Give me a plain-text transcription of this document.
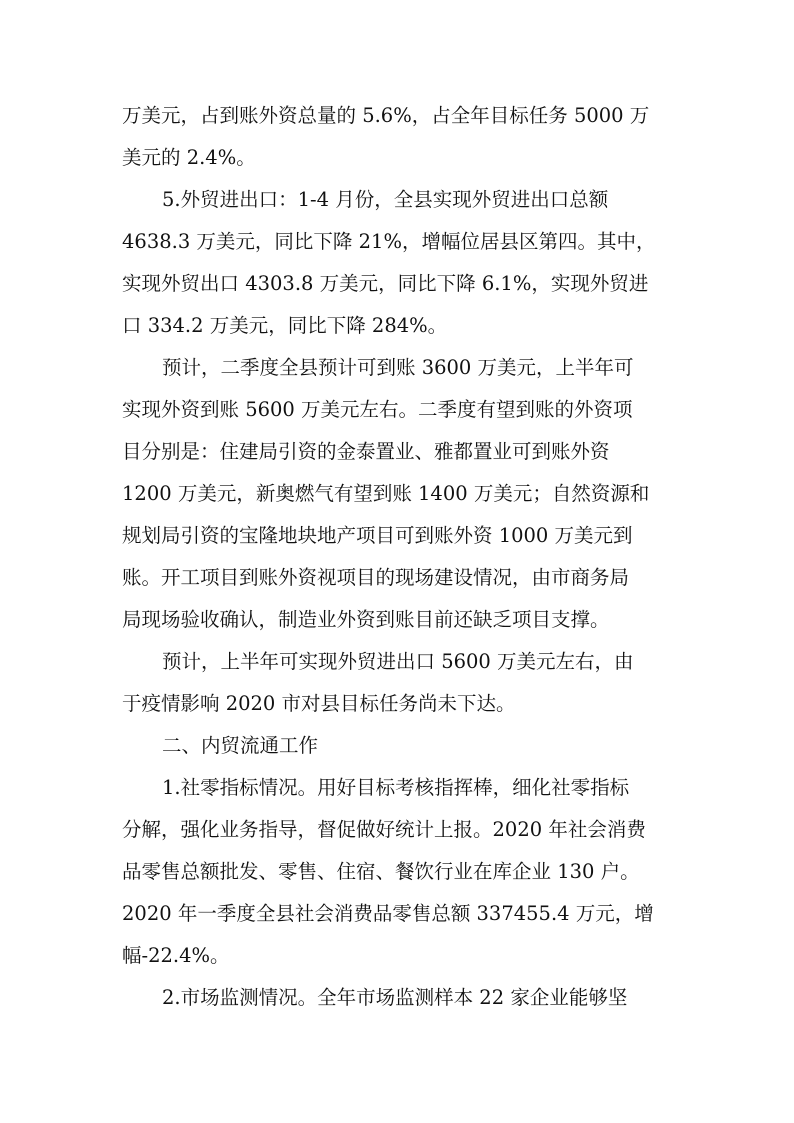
万美元，占到账外资总量的 5.6%，占全年目标任务 5000 万
美元的 2.4%。
5.外贸进出口：1-4 月份，全县实现外贸进出口总额
4638.3 万美元，同比下降 21%，增幅位居县区第四。其中，
实现外贸出口 4303.8 万美元，同比下降 6.1%，实现外贸进
口 334.2 万美元，同比下降 284%。
预计，二季度全县预计可到账 3600 万美元，上半年可
实现外资到账 5600 万美元左右。二季度有望到账的外资项
目分别是：住建局引资的金泰置业、雅都置业可到账外资
1200 万美元，新奥燃气有望到账 1400 万美元；自然资源和
规划局引资的宝隆地块地产项目可到账外资 1000 万美元到
账。开工项目到账外资视项目的现场建设情况，由市商务局
局现场验收确认，制造业外资到账目前还缺乏项目支撑。
预计，上半年可实现外贸进出口 5600 万美元左右，由
于疫情影响 2020 市对县目标任务尚未下达。
二、内贸流通工作
1.社零指标情况。用好目标考核指挥棒，细化社零指标
分解，强化业务指导，督促做好统计上报。2020 年社会消费
品零售总额批发、零售、住宿、餐饮行业在库企业 130 户。
2020 年一季度全县社会消费品零售总额 337455.4 万元，增
幅-22.4%。
2.市场监测情况。全年市场监测样本 22 家企业能够坚
